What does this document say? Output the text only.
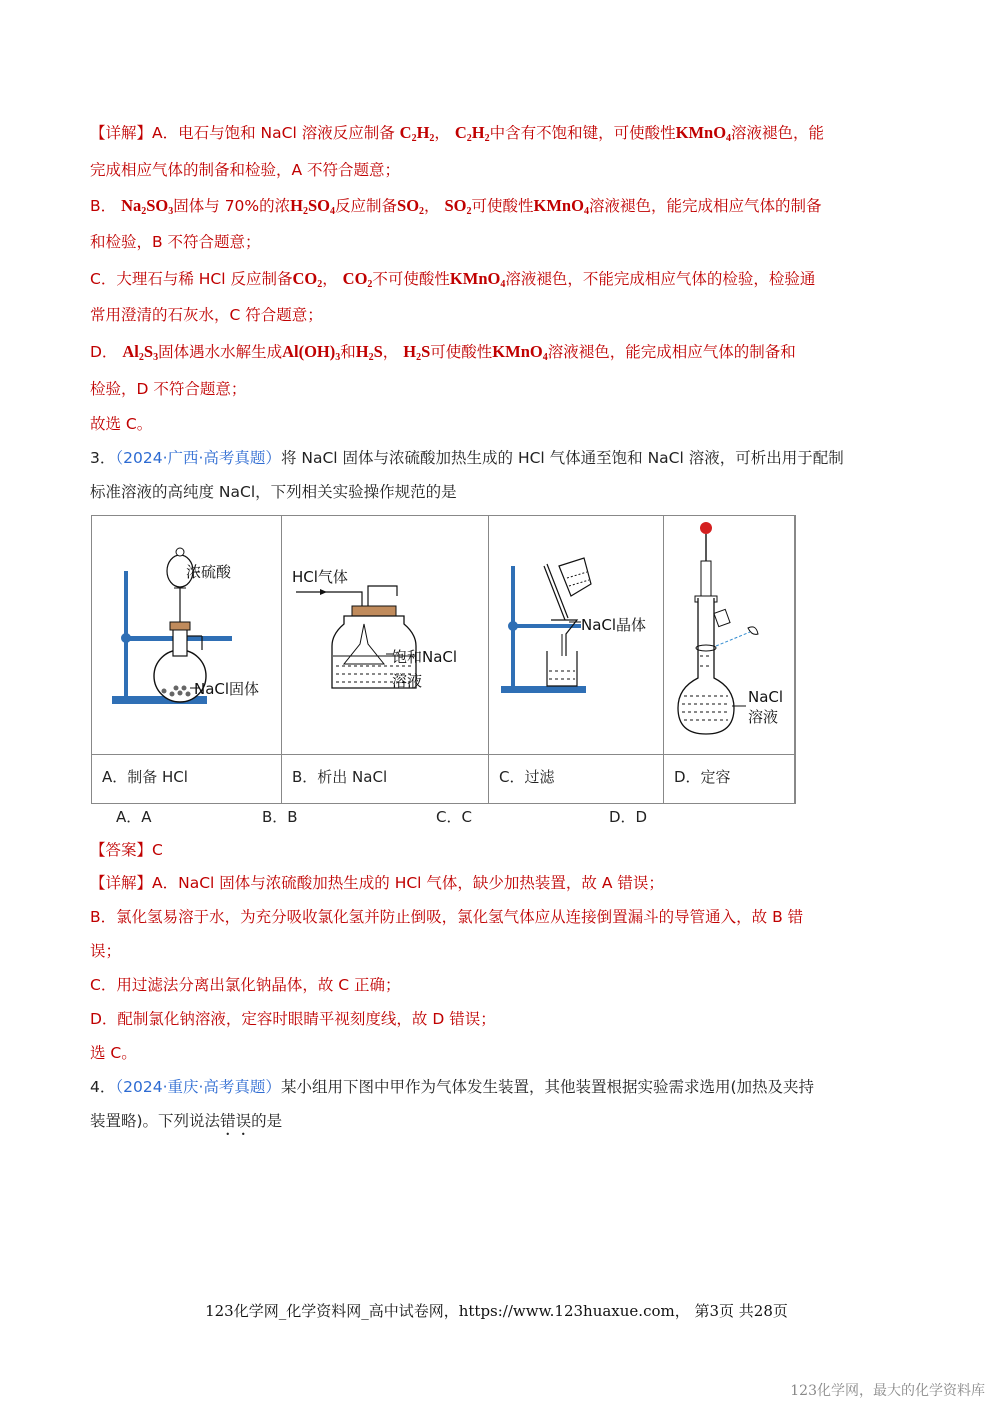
【详解】A．电石与饱和 NaCl 溶液反应制备 $C_2H_2$， $C_2H_2$中含有不饱和键，可使酸性KMnO$_4$溶液褪色，能
完成相应气体的制备和检验，A 不符合题意；
B． $Na_2SO_3$固体与 70%的浓$H_2SO_4$反应制备$SO_2$， $SO_2$可使酸性KMnO$_4$溶液褪色，能完成相应气体的制备
和检验，B 不符合题意；
C．大理石与稀 HCl 反应制备$CO_2$， $CO_2$不可使酸性KMnO$_4$溶液褪色，不能完成相应气体的检验，检验通
常用澄清的石灰水，C 符合题意；
D． $Al_2S_3$固体遇水水解生成$Al(OH)_3$和$H_2S$， $H_2S$可使酸性KMnO$_4$溶液褪色，能完成相应气体的制备和
检验，D 不符合题意；
故选 C。
3．（2024·广西·高考真题）将 NaCl 固体与浓硫酸加热生成的 HCl 气体通至饱和 NaCl 溶液，可析出用于配制
标准溶液的高纯度 NaCl，下列相关实验操作规范的是
浓硫酸
NaCl固体
A．制备 HCl
HCl气体
饱和NaCl
溶液
B．析出 NaCl
NaCl晶体
C．过滤
NaCl
溶液
D．定容
A．A	B．B	C．C	D．D
【答案】C
【详解】A．NaCl 固体与浓硫酸加热生成的 HCl 气体，缺少加热装置，故 A 错误；
B．氯化氢易溶于水，为充分吸收氯化氢并防止倒吸，氯化氢气体应从连接倒置漏斗的导管通入，故 B 错
误；
C．用过滤法分离出氯化钠晶体，故 C 正确；
D．配制氯化钠溶液，定容时眼睛平视刻度线，故 D 错误；
选 C。
4．（2024·重庆·高考真题）某小组用下图中甲作为气体发生装置，其他装置根据实验需求选用(加热及夹持
装置略)。下列说法错误的是
123化学网_化学资料网_高中试卷网，https://www.123huaxue.com， 第3页 共28页
123化学网，最大的化学资料库
